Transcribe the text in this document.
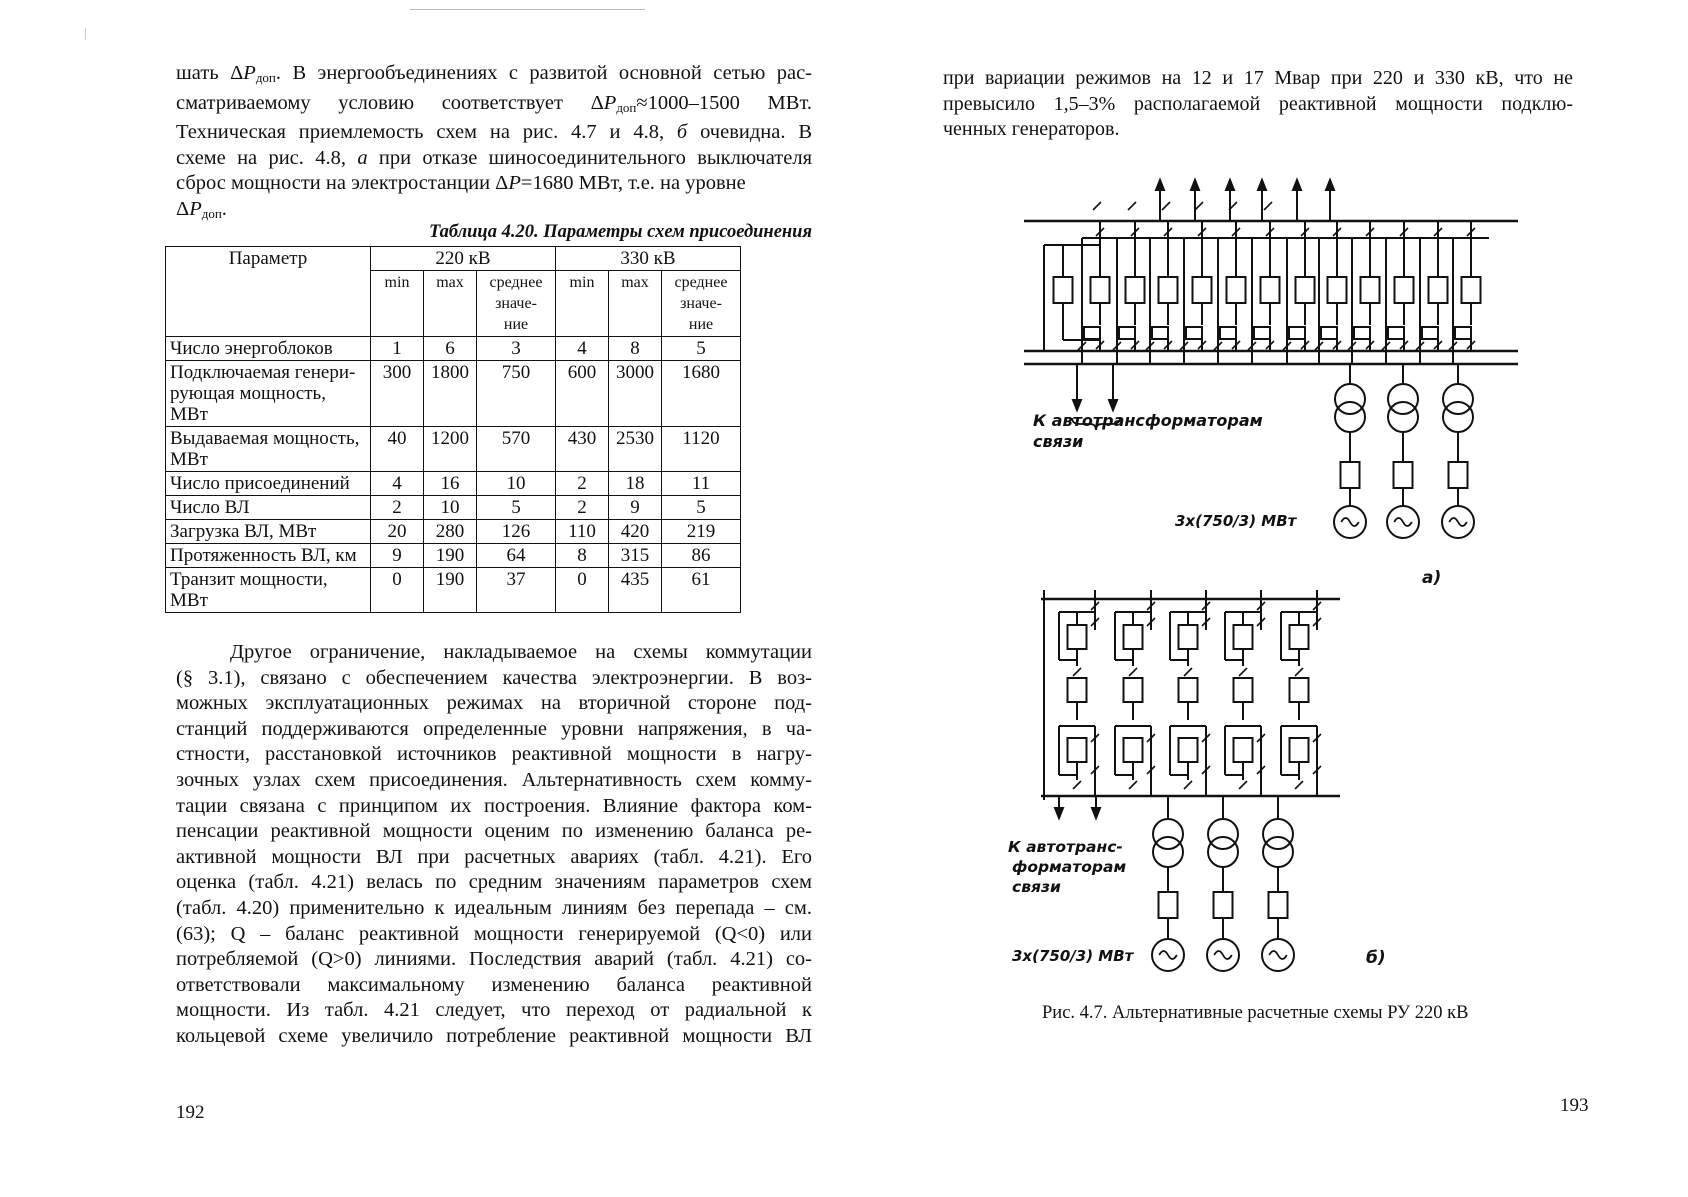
шать $\Delta P_{доп}$. В энергообъединениях с развитой основной сетью рас-
сматриваемому условию соответствует $\Delta P_{доп}\approx 1000-1500$ МВт.
Техническая приемлемость схем на рис. 4.7 и 4.8, б очевидна. В
схеме на рис. 4.8, а при отказе шиносоединительного выключателя
сброс мощности на электростанции ΔP=1680 МВт, т.е. на уровне
$\Delta P_{доп}$.
Таблица 4.20. Параметры схем присоединения
Параметр	220 кВ			330 кВ		
	min	max	среднее значе- ние	min	max	среднее значе- ние
Число энергоблоков	1	6	3	4	8	5
Подключаемая генери- рующая мощность, МВт	300	1800	750	600	3000	1680
Выдаваемая мощность, МВт	40	1200	570	430	2530	1120
Число присоединений	4	16	10	2	18	11
Число ВЛ	2	10	5	2	9	5
Загрузка ВЛ, МВт	20	280	126	110	420	219
Протяженность ВЛ, км	9	190	64	8	315	86
Транзит мощности, МВт	0	190	37	0	435	61
Другое ограничение, накладываемое на схемы коммутации
(§ 3.1), связано с обеспечением качества электроэнергии. В воз-
можных эксплуатационных режимах на вторичной стороне под-
станций поддерживаются определенные уровни напряжения, в ча-
стности, расстановкой источников реактивной мощности в нагру-
зочных узлах схем присоединения. Альтернативность схем комму-
тации связана с принципом их построения. Влияние фактора ком-
пенсации реактивной мощности оценим по изменению баланса ре-
активной мощности ВЛ при расчетных авариях (табл. 4.21). Его
оценка (табл. 4.21) велась по средним значениям параметров схем
(табл. 4.20) применительно к идеальным линиям без перепада – см.
(63); Q – баланс реактивной мощности генерируемой (Q<0) или
потребляемой (Q>0) линиями. Последствия аварий (табл. 4.21) со-
ответствовали максимальному изменению баланса реактивной
мощности. Из табл. 4.21 следует, что переход от радиальной к
кольцевой схеме увеличило потребление реактивной мощности ВЛ
192
при вариации режимов на 12 и 17 Мвар при 220 и 330 кВ, что не
превысило 1,5–3% располагаемой реактивной мощности подклю-
ченных генераторов.
К автотрансформаторам
связи
3x(750/3) МВт
а)
К автотранс-
форматорам
связи
3x(750/3) МВт	б)
Рис. 4.7. Альтернативные расчетные схемы РУ 220 кВ
193
